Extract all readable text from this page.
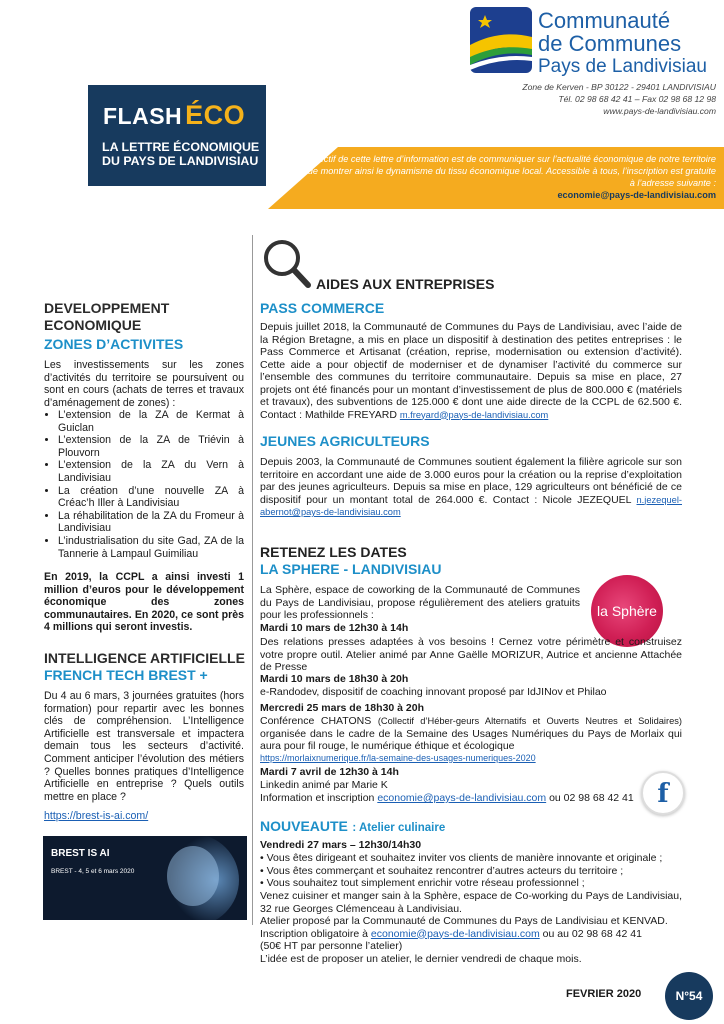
FLASH ÉCO
LA LETTRE ÉCONOMIQUE
DU PAYS DE LANDIVISIAU
Communauté
de Communes
Pays de Landivisiau
Zone de Kerven - BP 30122 - 29401 LANDIVISIAU
Tél. 02 98 68 42 41 – Fax 02 98 68 12 98
www.pays-de-landivisiau.com
L’objectif de cette lettre d’information est de communiquer sur l’actualité économique de notre territoire et de montrer ainsi le dynamisme du tissu économique local. Accessible à tous, l’inscription est gratuite à l’adresse suivante :
economie@pays-de-landivisiau.com
DEVELOPPEMENT ECONOMIQUE
ZONES D’ACTIVITES
Les investissements sur les zones d’activités du territoire se poursuivent ou sont en cours (achats de terres et travaux d’aménagement de zones) :
• L’extension de la ZA de Kermat à Guiclan
• L’extension de la ZA de Triévin à Plouvorn
• L’extension de la ZA du Vern à Landivisiau
• La création d’une nouvelle ZA à Créac’h Iller à Landivisiau
• La réhabilitation de la ZA du Fromeur à Landivisiau
• L’industrialisation du site Gad, ZA de la Tannerie à Lampaul Guimiliau
En 2019, la CCPL a ainsi investi 1 million d’euros pour le développement économique des zones communautaires. En 2020, ce sont près 4 millions qui seront investis.
INTELLIGENCE ARTIFICIELLE
FRENCH TECH BREST +
Du 4 au 6 mars, 3 journées gratuites (hors formation) pour repartir avec les bonnes clés de compréhension. L’Intelligence Artificielle est transversale et impactera demain tous les secteurs d’activité. Comment anticiper l’évolution des métiers ? Quelles bonnes pratiques d’Intelligence Artificielle en entreprise ? Quels outils mettre en place ?
https://brest-is-ai.com/
BREST IS AI
BREST - 4, 5 et 6 mars 2020
AIDES AUX ENTREPRISES
PASS COMMERCE
Depuis juillet 2018, la Communauté de Communes du Pays de Landivisiau, avec l’aide de la Région Bretagne, a mis en place un dispositif à destination des petites entreprises : le Pass Commerce et Artisanat (création, reprise, modernisation ou extension d’activité). Cette aide a pour objectif de moderniser et de dynamiser l’activité du commerce sur l’ensemble des communes du territoire communautaire. Depuis sa mise en place, 27 projets ont été financés pour un montant d’investissement de plus de 800.000 € (matériels et travaux), des subventions de 125.000 € dont une aide directe de la CCPL de 62.500 €. Contact : Mathilde FREYARD m.freyard@pays-de-landivisiau.com
JEUNES AGRICULTEURS
Depuis 2003, la Communauté de Communes soutient également la filière agricole sur son territoire en accordant une aide de 3.000 euros pour la création ou la reprise d’exploitation par des jeunes agriculteurs. Depuis sa mise en place, 129 agriculteurs ont bénéficié de ce dispositif pour un montant total de 264.000 €. Contact : Nicole JEZEQUEL n.jezequel-abernot@pays-de-landivisiau.com
RETENEZ LES DATES
LA SPHERE - LANDIVISIAU
la Sphère
La Sphère, espace de coworking de la Communauté de Communes du Pays de Landivisiau, propose régulièrement des ateliers gratuits pour les professionnels :
Mardi 10 mars de 12h30 à 14h
Des relations presses adaptées à vos besoins ! Cernez votre périmètre et construisez votre propre outil. Atelier animé par Anne Gaëlle MORIZUR, Autrice et ancienne Attachée de Presse
Mardi 10 mars de 18h30 à 20h
e-Randodev, dispositif de coaching innovant proposé par IdJINov et Philao
Mercredi 25 mars de 18h30 à 20h
Conférence CHATONS (Collectif d’Héber-geurs Alternatifs et Ouverts Neutres et Solidaires) organisée dans le cadre de la Semaine des Usages Numériques du Pays de Morlaix qui aura pour fil rouge, le numérique éthique et écologique
https://morlaixnumerique.fr/la-semaine-des-usages-numeriques-2020
Mardi 7 avril de 12h30 à 14h
Linkedin animé par Marie K
Information et inscription economie@pays-de-landivisiau.com ou 02 98 68 42 41 f
NOUVEAUTE : Atelier culinaire
Vendredi 27 mars – 12h30/14h30
• Vous êtes dirigeant et souhaitez inviter vos clients de manière innovante et originale ;
• Vous êtes commerçant et souhaitez rencontrer d’autres acteurs du territoire ;
• Vous souhaitez tout simplement enrichir votre réseau professionnel ;
Venez cuisiner et manger sain à la Sphère, espace de Co-working du Pays de Landivisiau, 32 rue Georges Clémenceau à Landivisiau.
Atelier proposé par la Communauté de Communes du Pays de Landivisiau et KENVAD.
Inscription obligatoire à economie@pays-de-landivisiau.com ou au 02 98 68 42 41
(50€ HT par personne l’atelier)
L’idée est de proposer un atelier, le dernier vendredi de chaque mois.
FEVRIER 2020	N°54
